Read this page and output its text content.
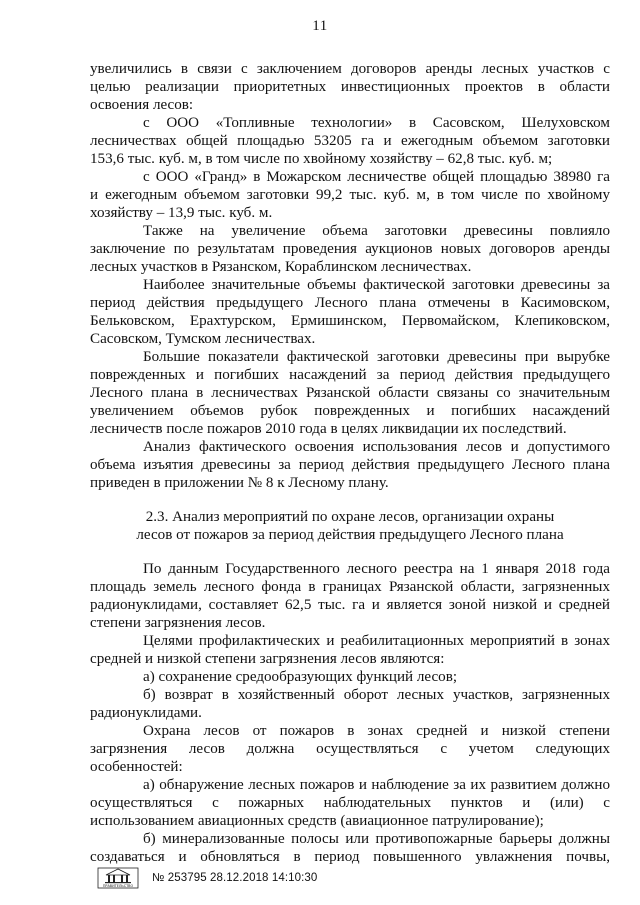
11
увеличились в связи с заключением договоров аренды лесных участков с
целью реализации приоритетных инвестиционных проектов в области
освоения лесов:
с ООО «Топливные технологии» в Сасовском, Шелуховском
лесничествах общей площадью 53205 га и ежегодным объемом заготовки
153,6 тыс. куб. м, в том числе по хвойному хозяйству – 62,8 тыс. куб. м;
с ООО «Гранд» в Можарском лесничестве общей площадью 38980 га
и ежегодным объемом заготовки 99,2 тыс. куб. м, в том числе по хвойному
хозяйству – 13,9 тыс. куб. м.
Также на увеличение объема заготовки древесины повлияло
заключение по результатам проведения аукционов новых договоров аренды
лесных участков в Рязанском, Кораблинском лесничествах.
Наиболее значительные объемы фактической заготовки древесины за
период действия предыдущего Лесного плана отмечены в Касимовском,
Бельковском, Ерахтурском, Ермишинском, Первомайском, Клепиковском,
Сасовском, Тумском лесничествах.
Большие показатели фактической заготовки древесины при вырубке
поврежденных и погибших насаждений за период действия предыдущего
Лесного плана в лесничествах Рязанской области связаны со значительным
увеличением объемов рубок поврежденных и погибших насаждений
лесничеств после пожаров 2010 года в целях ликвидации их последствий.
Анализ фактического освоения использования лесов и допустимого
объема изъятия древесины за период действия предыдущего Лесного плана
приведен в приложении № 8 к Лесному плану.
2.3. Анализ мероприятий по охране лесов, организации охраны
лесов от пожаров за период действия предыдущего Лесного плана
По данным Государственного лесного реестра на 1 января 2018 года
площадь земель лесного фонда в границах Рязанской области, загрязненных
радионуклидами, составляет 62,5 тыс. га и является зоной низкой и средней
степени загрязнения лесов.
Целями профилактических и реабилитационных мероприятий в зонах
средней и низкой степени загрязнения лесов являются:
а) сохранение средообразующих функций лесов;
б) возврат в хозяйственный оборот лесных участков, загрязненных
радионуклидами.
Охрана лесов от пожаров в зонах средней и низкой степени
загрязнения лесов должна осуществляться с учетом следующих
особенностей:
а) обнаружение лесных пожаров и наблюдение за их развитием должно
осуществляться с пожарных наблюдательных пунктов и (или) с
использованием авиационных средств (авиационное патрулирование);
б) минерализованные полосы или противопожарные барьеры должны
создаваться и обновляться в период повышенного увлажнения почвы,
ПРАВИТЕЛЬСТВО
№ 253795 28.12.2018 14:10:30
